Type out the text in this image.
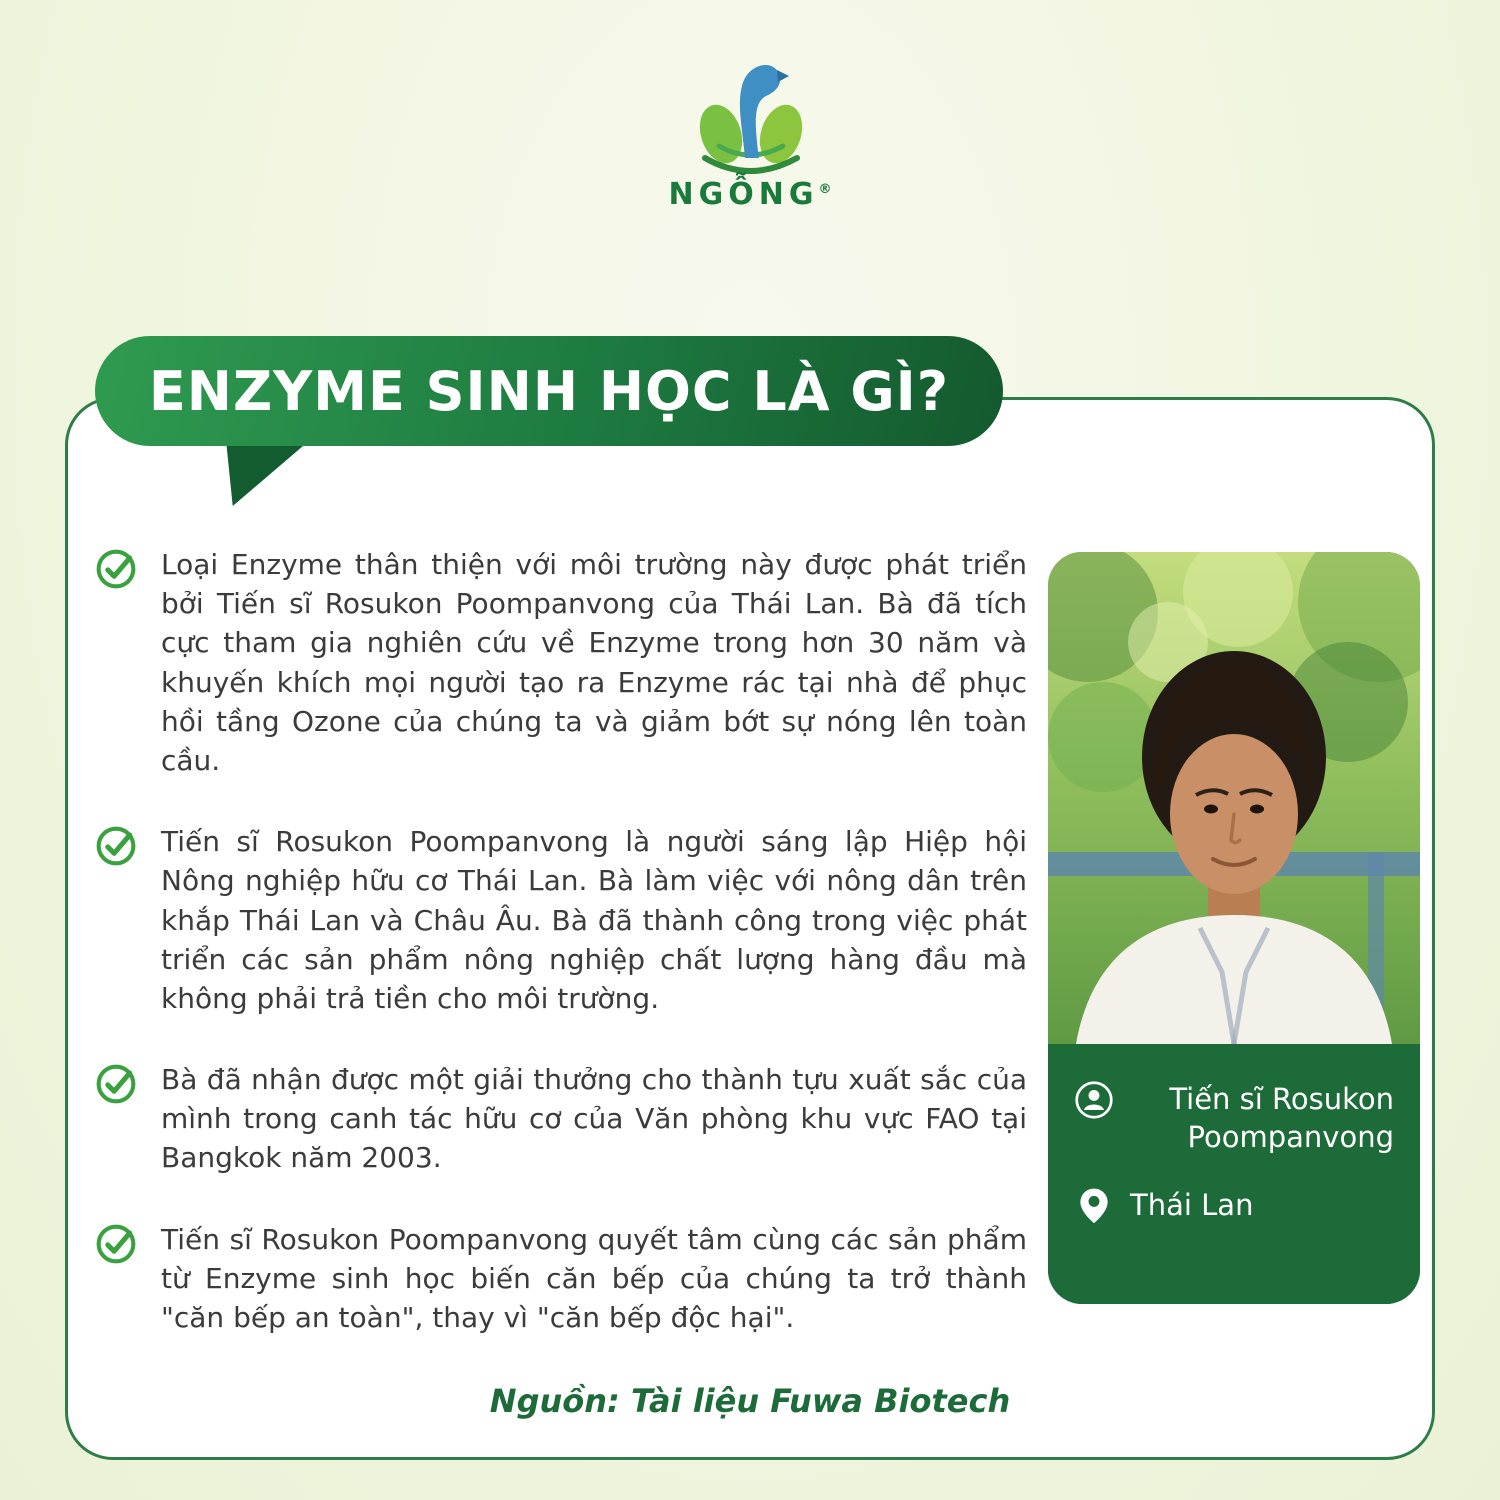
NGỖNG®
ENZYME SINH HỌC LÀ GÌ?

Loại Enzyme thân thiện với môi trường này được phát triển bởi Tiến sĩ Rosukon Poompanvong của Thái Lan. Bà đã tích cực tham gia nghiên cứu về Enzyme trong hơn 30 năm và khuyến khích mọi người tạo ra Enzyme rác tại nhà để phục hồi tầng Ozone của chúng ta và giảm bớt sự nóng lên toàn cầu.

Tiến sĩ Rosukon Poompanvong là người sáng lập Hiệp hội Nông nghiệp hữu cơ Thái Lan. Bà làm việc với nông dân trên khắp Thái Lan và Châu Âu. Bà đã thành công trong việc phát triển các sản phẩm nông nghiệp chất lượng hàng đầu mà không phải trả tiền cho môi trường.

Bà đã nhận được một giải thưởng cho thành tựu xuất sắc của mình trong canh tác hữu cơ của Văn phòng khu vực FAO tại Bangkok năm 2003.

Tiến sĩ Rosukon Poompanvong quyết tâm cùng các sản phẩm từ Enzyme sinh học biến căn bếp của chúng ta trở thành "căn bếp an toàn", thay vì "căn bếp độc hại".

Tiến sĩ Rosukon Poompanvong
Thái Lan
Nguồn: Tài liệu Fuwa Biotech
